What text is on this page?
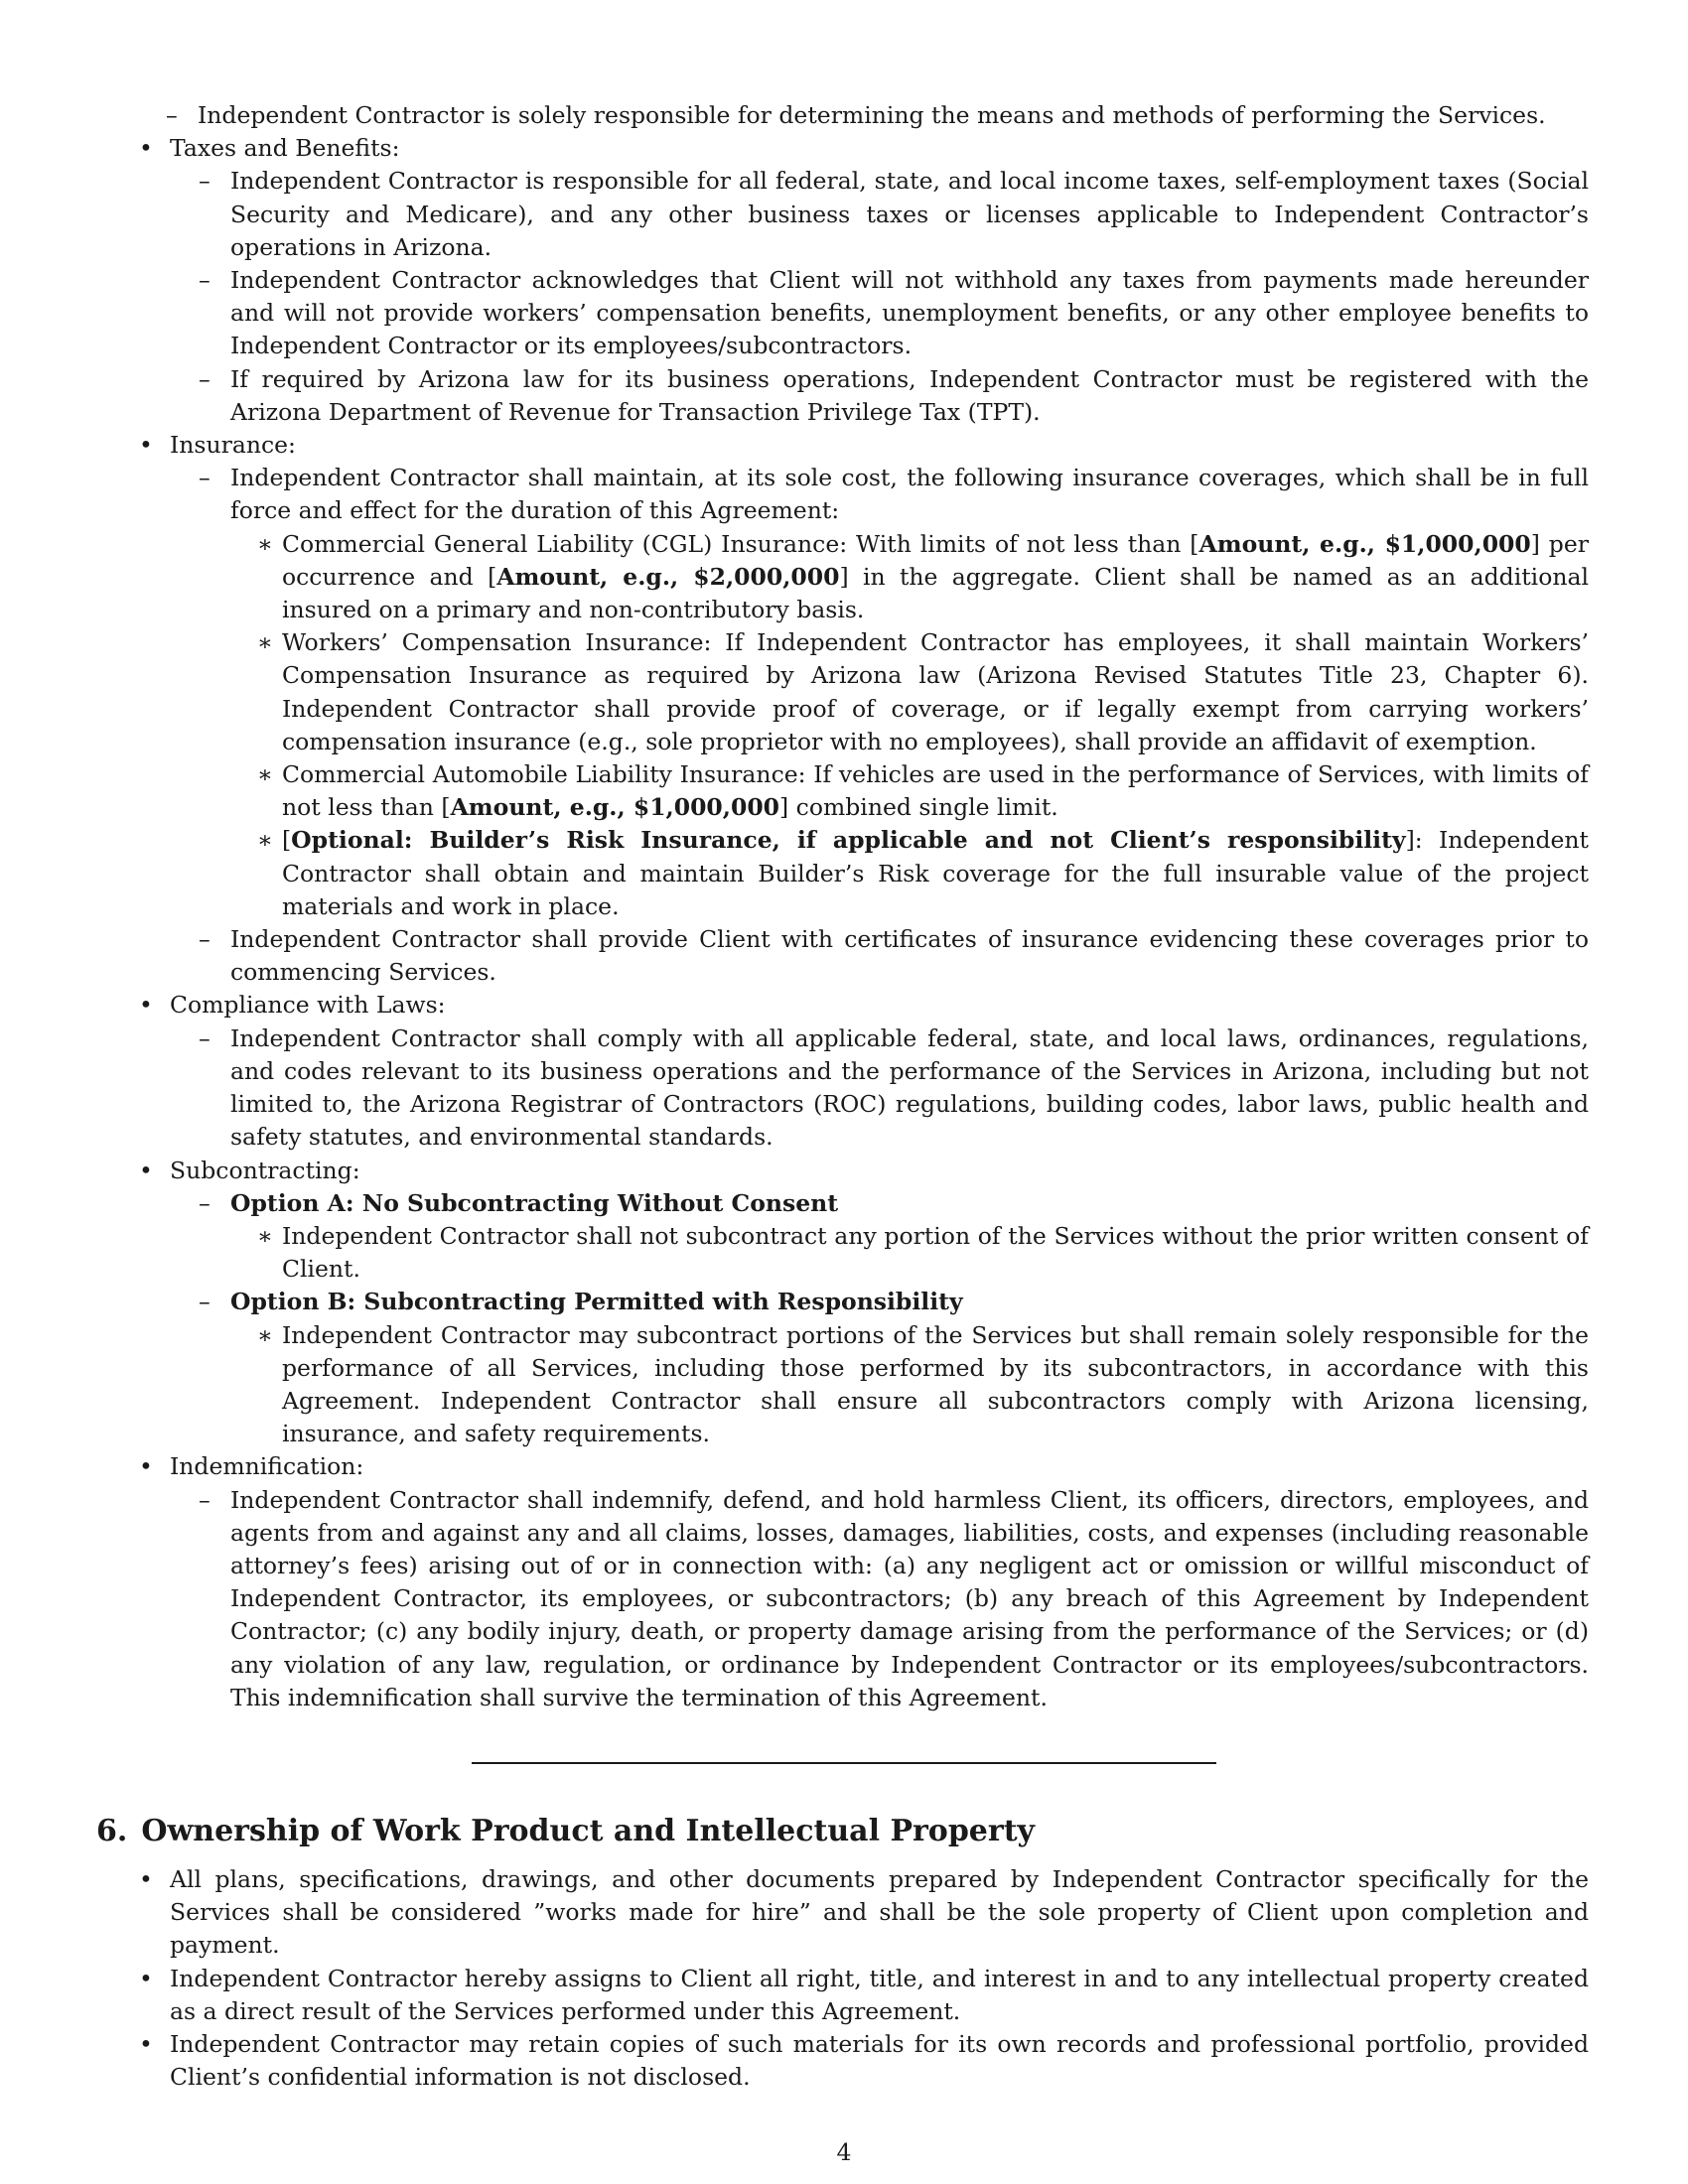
– Independent Contractor is solely responsible for determining the means and methods of performing the Services.
• Taxes and Benefits:
– Independent Contractor is responsible for all federal, state, and local income taxes, self-employment taxes (Social Security and Medicare), and any other business taxes or licenses applicable to Independent Contractor’s operations in Arizona.
– Independent Contractor acknowledges that Client will not withhold any taxes from payments made hereunder and will not provide workers’ compensation benefits, unemployment benefits, or any other employee benefits to Independent Contractor or its employees/subcontractors.
– If required by Arizona law for its business operations, Independent Contractor must be registered with the Arizona Department of Revenue for Transaction Privilege Tax (TPT).
• Insurance:
– Independent Contractor shall maintain, at its sole cost, the following insurance coverages, which shall be in full force and effect for the duration of this Agreement:
∗ Commercial General Liability (CGL) Insurance: With limits of not less than [Amount, e.g., $1,000,000] per occurrence and [Amount, e.g., $2,000,000] in the aggregate. Client shall be named as an additional insured on a primary and non-contributory basis.
∗ Workers’ Compensation Insurance: If Independent Contractor has employees, it shall maintain Workers’ Compensation Insurance as required by Arizona law (Arizona Revised Statutes Title 23, Chapter 6). Independent Contractor shall provide proof of coverage, or if legally exempt from carrying workers’ compensation insurance (e.g., sole proprietor with no employees), shall provide an affidavit of exemption.
∗ Commercial Automobile Liability Insurance: If vehicles are used in the performance of Services, with limits of not less than [Amount, e.g., $1,000,000] combined single limit.
∗ [Optional: Builder’s Risk Insurance, if applicable and not Client’s responsibility]: Independent Contractor shall obtain and maintain Builder’s Risk coverage for the full insurable value of the project materials and work in place.
– Independent Contractor shall provide Client with certificates of insurance evidencing these coverages prior to commencing Services.
• Compliance with Laws:
– Independent Contractor shall comply with all applicable federal, state, and local laws, ordinances, regulations, and codes relevant to its business operations and the performance of the Services in Arizona, including but not limited to, the Arizona Registrar of Contractors (ROC) regulations, building codes, labor laws, public health and safety statutes, and environmental standards.
• Subcontracting:
– Option A: No Subcontracting Without Consent
∗ Independent Contractor shall not subcontract any portion of the Services without the prior written consent of Client.
– Option B: Subcontracting Permitted with Responsibility
∗ Independent Contractor may subcontract portions of the Services but shall remain solely responsible for the performance of all Services, including those performed by its subcontractors, in accordance with this Agreement. Independent Contractor shall ensure all subcontractors comply with Arizona licensing, insurance, and safety requirements.
• Indemnification:
– Independent Contractor shall indemnify, defend, and hold harmless Client, its officers, directors, employees, and agents from and against any and all claims, losses, damages, liabilities, costs, and expenses (including reasonable attorney’s fees) arising out of or in connection with: (a) any negligent act or omission or willful misconduct of Independent Contractor, its employees, or subcontractors; (b) any breach of this Agreement by Independent Contractor; (c) any bodily injury, death, or property damage arising from the performance of the Services; or (d) any violation of any law, regulation, or ordinance by Independent Contractor or its employees/subcontractors. This indemnification shall survive the termination of this Agreement.
6. Ownership of Work Product and Intellectual Property
• All plans, specifications, drawings, and other documents prepared by Independent Contractor specifically for the Services shall be considered ”works made for hire” and shall be the sole property of Client upon completion and payment.
• Independent Contractor hereby assigns to Client all right, title, and interest in and to any intellectual property created as a direct result of the Services performed under this Agreement.
• Independent Contractor may retain copies of such materials for its own records and professional portfolio, provided Client’s confidential information is not disclosed.
4
